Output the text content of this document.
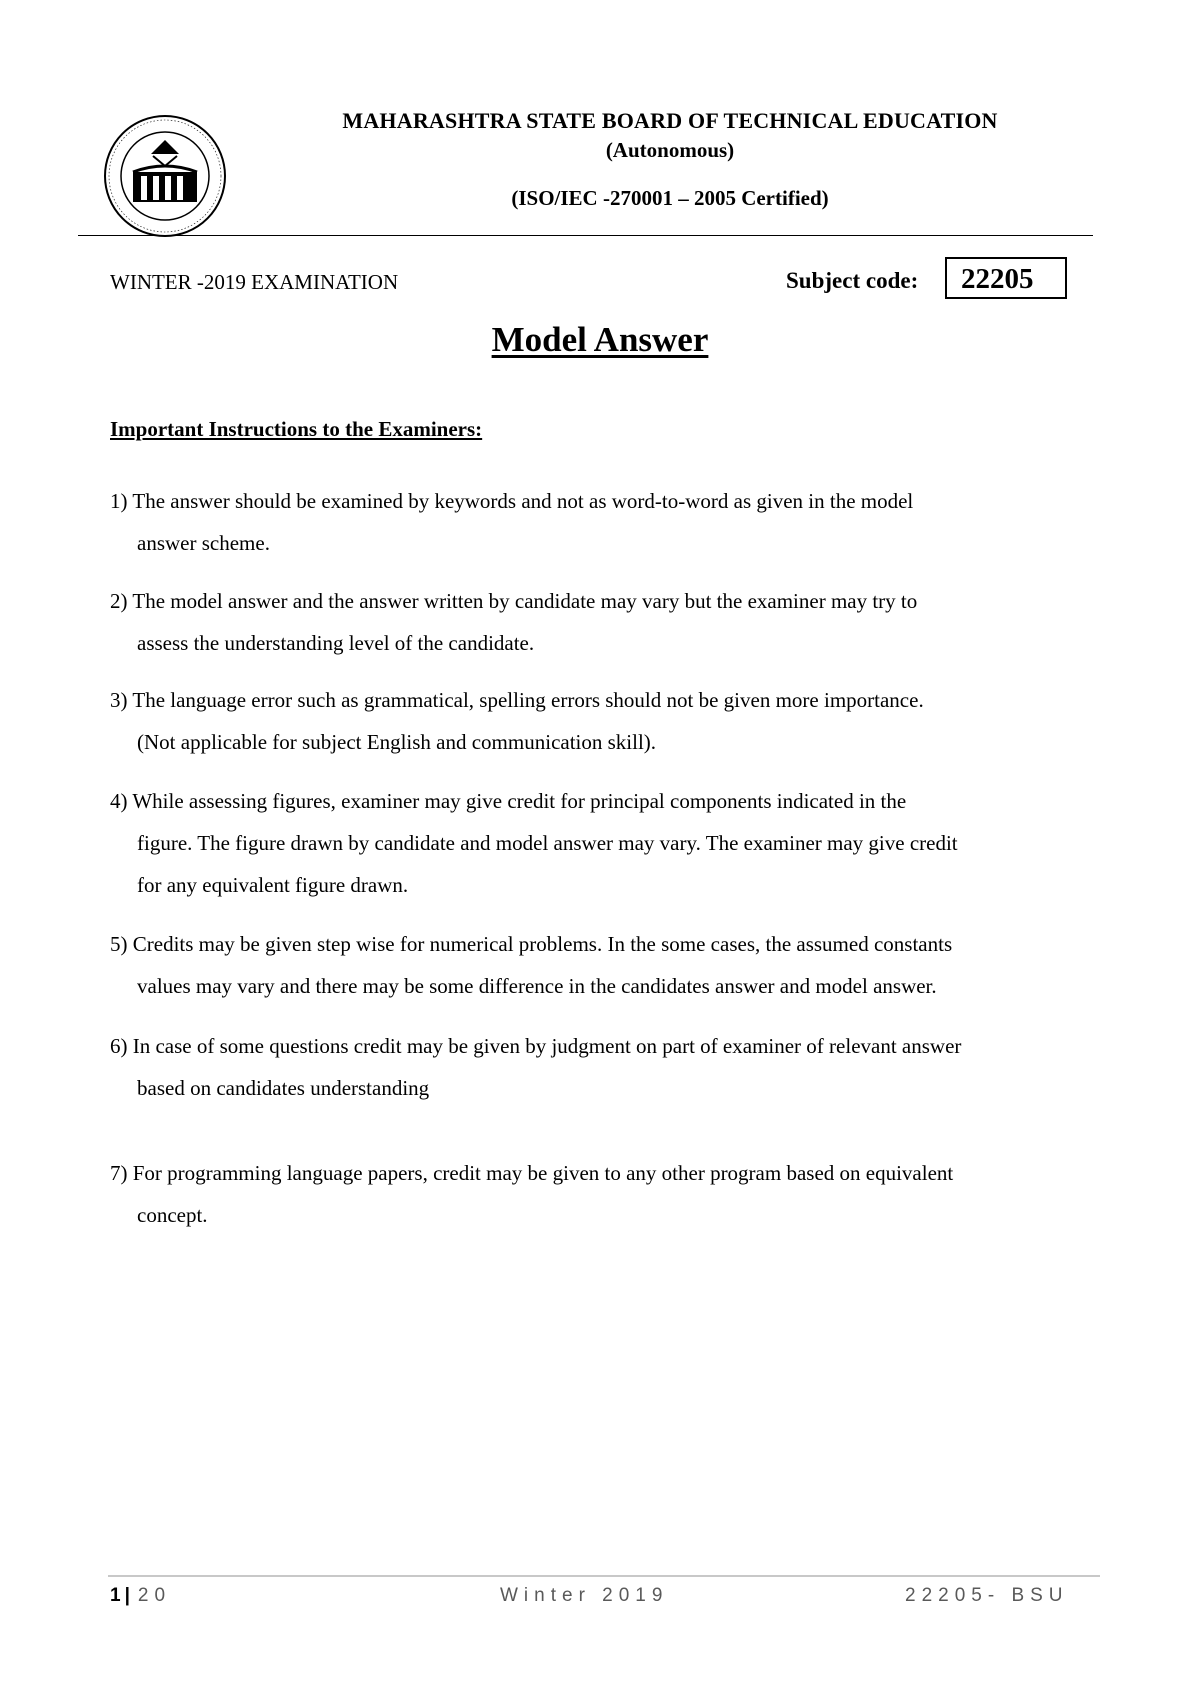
MAHARASHTRA STATE BOARD OF TECHNICAL EDUCATION
(Autonomous)
(ISO/IEC -270001 – 2005 Certified)
WINTER -2019 EXAMINATION	Subject code:	22205
Model Answer
Important Instructions to the Examiners:
1) The answer should be examined by keywords and not as word-to-word as given in the model
answer scheme.
2) The model answer and the answer written by candidate may vary but the examiner may try to
assess the understanding level of the candidate.
3) The language error such as grammatical, spelling errors should not be given more importance.
(Not applicable for subject English and communication skill).
4) While assessing figures, examiner may give credit for principal components indicated in the
figure. The figure drawn by candidate and model answer may vary. The examiner may give credit
for any equivalent figure drawn.
5) Credits may be given step wise for numerical problems. In the some cases, the assumed constants
values may vary and there may be some difference in the candidates answer and model answer.
6) In case of some questions credit may be given by judgment on part of examiner of relevant answer
based on candidates understanding
7) For programming language papers, credit may be given to any other program based on equivalent
concept.
1 | 20	Winter 2019	22205- BSU
